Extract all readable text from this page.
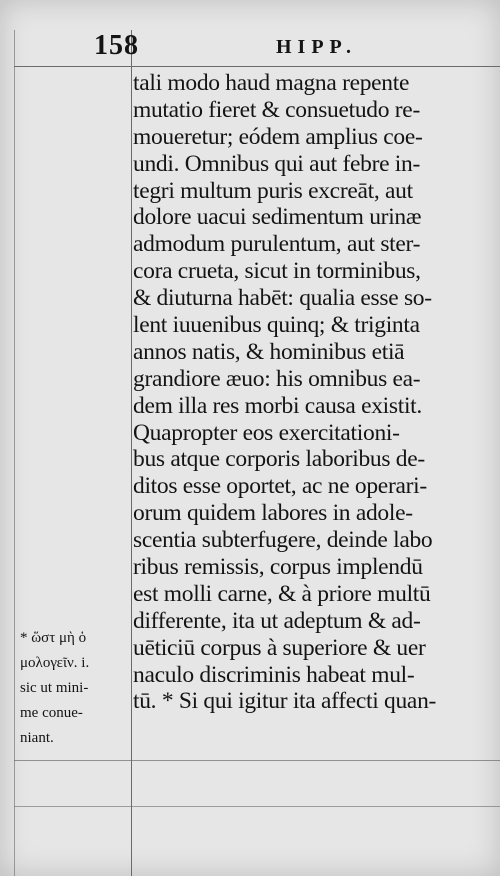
158	HIPP.
tali modo haud magna repente
mutatio fieret & consuetudo re-
moueretur; eódem amplius coe-
undi. Omnibus qui aut febre in-
tegri multum puris excreāt, aut
dolore uacui sedimentum urinæ
admodum purulentum, aut ster-
cora crueta, sicut in torminibus,
& diuturna habēt: qualia esse so-
lent iuuenibus quinq; & triginta
annos natis, & hominibus etiā
grandiore æuo: his omnibus ea-
dem illa res morbi causa existit.
Quapropter eos exercitationi-
bus atque corporis laboribus de-
ditos esse oportet, ac ne operari-
orum quidem labores in adole-
scentia subterfugere, deinde labo
ribus remissis, corpus implendū
est molli carne, & à priore multū
differente, ita ut adeptum & ad-
uēticiū corpus à superiore & uer
naculo discriminis habeat mul-
tū. * Si qui igitur ita affecti quan-
* ὥστ μὴ ὁ
μολογεῖν. i.
sic ut mini-
me conue-
niant.
